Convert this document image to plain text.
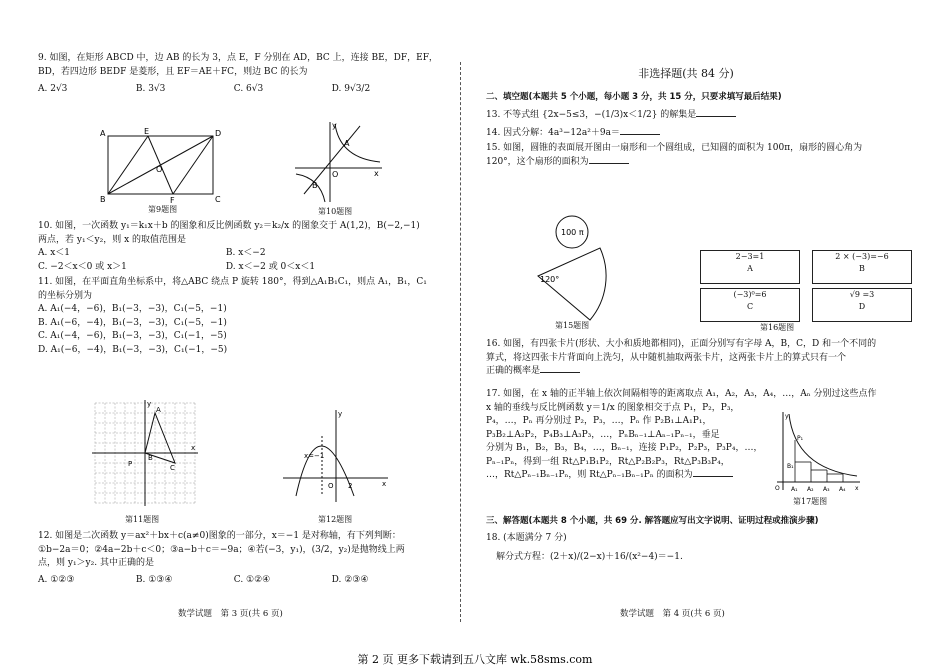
9. 如图，在矩形 ABCD 中，边 AB 的长为 3，点 E，F 分别在 AD，BC 上，连接 BE，DF，EF，
BD，若四边形 BEDF 是菱形，且 EF＝AE＋FC，则边 BC 的长为
A. 2√3	B. 3√3	C. 6√3	D. 9√3/2
A	E	D
B	F	C
O
第9题图
y
x
A
B
O
第10题图
10. 如图，一次函数 y₁＝k₁x＋b 的图象和反比例函数 y₂＝k₂/x 的图象交于 A(1,2)，B(−2,−1)
两点，若 y₁＜y₂，则 x 的取值范围是
A. x＜1	B. x＜−2
C. −2＜x＜0 或 x＞1	D. x＜−2 或 0＜x＜1
11. 如图，在平面直角坐标系中，将△ABC 绕点 P 旋转 180°，得到△A₁B₁C₁，则点 A₁，B₁，C₁
的坐标分别为
A. A₁(−4，−6)，B₁(−3，−3)，C₁(−5，−1)
B. A₁(−6，−4)，B₁(−3，−3)，C₁(−5，−1)
C. A₁(−4，−6)，B₁(−3，−3)，C₁(−1，−5)
D. A₁(−6，−4)，B₁(−3，−3)，C₁(−1，−5)
A
B
C
P
y
x
第11题图
x=−1
y
x
O 2
第12题图
12. 如图是二次函数 y＝ax²＋bx＋c(a≠0)图象的一部分，x＝−1 是对称轴，有下列判断：
①b−2a＝0；②4a−2b＋c＜0；③a−b＋c＝−9a；④若(−3，y₁)，(3/2，y₂)是抛物线上两
点，则 y₁＞y₂. 其中正确的是
A. ①②③	B. ①③④	C. ①②④	D. ②③④
数学试题　第 3 页(共 6 页)
非选择题(共 84 分)
二、填空题(本题共 5 个小题，每小题 3 分，共 15 分，只要求填写最后结果)
13. 不等式组 {2x−5≤3，−(1/3)x＜1/2} 的解集是
14. 因式分解：4a³−12a²＋9a＝
15. 如图，圆锥的表面展开图由一扇形和一个圆组成，已知圆的面积为 100π，扇形的圆心角为
120°，这个扇形的面积为
100 π
120°
第15题图
2−3=1
A
2 × (−3)=−6
B
(−3)⁰=6
C
√9 =3
D
第16题图
16. 如图，有四张卡片(形状、大小和质地都相同)，正面分别写有字母 A，B，C，D 和一个不同的
算式，将这四张卡片背面向上洗匀，从中随机抽取两张卡片，这两张卡片上的算式只有一个
正确的概率是
17. 如图，在 x 轴的正半轴上依次间隔相等的距离取点 A₁，A₂，A₃，A₄，…，Aₙ 分别过这些点作
x 轴的垂线与反比例函数 y＝1/x 的图象相交于点 P₁，P₂，P₃，
P₄，…，Pₙ 再分别过 P₂，P₃，…，Pₙ 作 P₂B₁⊥A₁P₁，
P₃B₂⊥A₂P₂，P₄B₃⊥A₃P₃，…，PₙBₙ₋₁⊥Aₙ₋₁Pₙ₋₁，垂足
分别为 B₁，B₂，B₃，B₄，…，Bₙ₋₁，连接 P₁P₂，P₂P₃，P₃P₄，…，
Pₙ₋₁Pₙ，得到一组 Rt△P₁B₁P₂，Rt△P₂B₂P₃，Rt△P₃B₃P₄，
…，Rt△Pₙ₋₁Bₙ₋₁Pₙ，则 Rt△Pₙ₋₁Bₙ₋₁Pₙ 的面积为
y
x
O A₁ A₂ A₃ A₄
P₁
B₁
第17题图
三、解答题(本题共 8 个小题，共 69 分. 解答题应写出文字说明、证明过程或推演步骤)
18. (本题满分 7 分)
解分式方程：(2＋x)/(2−x)＋16/(x²−4)＝−1.
数学试题　第 4 页(共 6 页)
第 2 页 更多下载请到五八文库 wk.58sms.com
